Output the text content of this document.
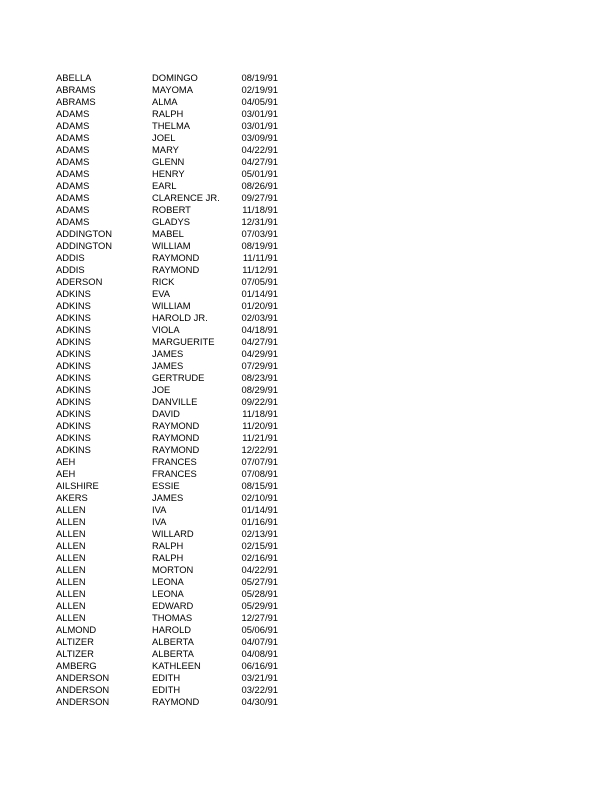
ABELLA	DOMINGO	08/19/91
ABRAMS	MAYOMA	02/19/91
ABRAMS	ALMA	04/05/91
ADAMS	RALPH	03/01/91
ADAMS	THELMA	03/01/91
ADAMS	JOEL	03/09/91
ADAMS	MARY	04/22/91
ADAMS	GLENN	04/27/91
ADAMS	HENRY	05/01/91
ADAMS	EARL	08/26/91
ADAMS	CLARENCE JR.	09/27/91
ADAMS	ROBERT	11/18/91
ADAMS	GLADYS	12/31/91
ADDINGTON	MABEL	07/03/91
ADDINGTON	WILLIAM	08/19/91
ADDIS	RAYMOND	11/11/91
ADDIS	RAYMOND	11/12/91
ADERSON	RICK	07/05/91
ADKINS	EVA	01/14/91
ADKINS	WILLIAM	01/20/91
ADKINS	HAROLD JR.	02/03/91
ADKINS	VIOLA	04/18/91
ADKINS	MARGUERITE	04/27/91
ADKINS	JAMES	04/29/91
ADKINS	JAMES	07/29/91
ADKINS	GERTRUDE	08/23/91
ADKINS	JOE	08/29/91
ADKINS	DANVILLE	09/22/91
ADKINS	DAVID	11/18/91
ADKINS	RAYMOND	11/20/91
ADKINS	RAYMOND	11/21/91
ADKINS	RAYMOND	12/22/91
AEH	FRANCES	07/07/91
AEH	FRANCES	07/08/91
AILSHIRE	ESSIE	08/15/91
AKERS	JAMES	02/10/91
ALLEN	IVA	01/14/91
ALLEN	IVA	01/16/91
ALLEN	WILLARD	02/13/91
ALLEN	RALPH	02/15/91
ALLEN	RALPH	02/16/91
ALLEN	MORTON	04/22/91
ALLEN	LEONA	05/27/91
ALLEN	LEONA	05/28/91
ALLEN	EDWARD	05/29/91
ALLEN	THOMAS	12/27/91
ALMOND	HAROLD	05/06/91
ALTIZER	ALBERTA	04/07/91
ALTIZER	ALBERTA	04/08/91
AMBERG	KATHLEEN	06/16/91
ANDERSON	EDITH	03/21/91
ANDERSON	EDITH	03/22/91
ANDERSON	RAYMOND	04/30/91
